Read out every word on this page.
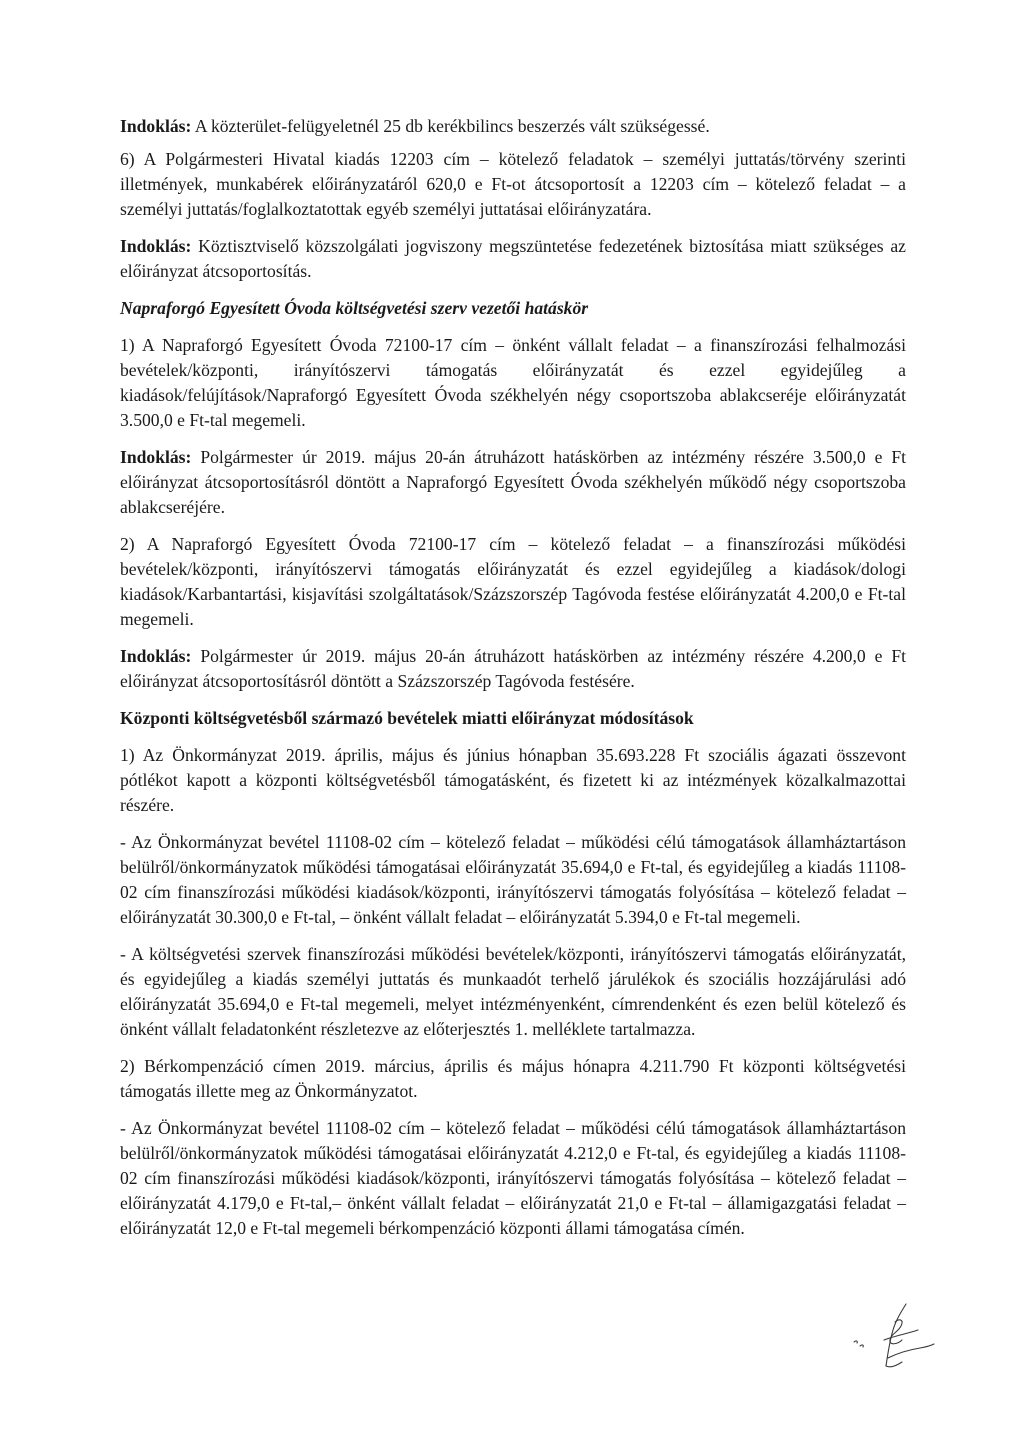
Indoklás: A közterület-felügyeletnél 25 db kerékbilincs beszerzés vált szükségessé.

6) A Polgármesteri Hivatal kiadás 12203 cím – kötelező feladatok – személyi juttatás/törvény szerinti illetmények, munkabérek előirányzatáról 620,0 e Ft-ot átcsoportosít a 12203 cím – kötelező feladat – a személyi juttatás/foglalkoztatottak egyéb személyi juttatásai előirányzatára.

Indoklás: Köztisztviselő közszolgálati jogviszony megszüntetése fedezetének biztosítása miatt szükséges az előirányzat átcsoportosítás.

Napraforgó Egyesített Óvoda költségvetési szerv vezetői hatáskör

1) A Napraforgó Egyesített Óvoda 72100-17 cím – önként vállalt feladat – a finanszírozási felhalmozási bevételek/központi, irányítószervi támogatás előirányzatát és ezzel egyidejűleg a kiadások/felújítások/Napraforgó Egyesített Óvoda székhelyén négy csoportszoba ablakcseréje előirányzatát 3.500,0 e Ft-tal megemeli.

Indoklás: Polgármester úr 2019. május 20-án átruházott hatáskörben az intézmény részére 3.500,0 e Ft előirányzat átcsoportosításról döntött a Napraforgó Egyesített Óvoda székhelyén működő négy csoportszoba ablakcseréjére.

2) A Napraforgó Egyesített Óvoda 72100-17 cím – kötelező feladat – a finanszírozási működési bevételek/központi, irányítószervi támogatás előirányzatát és ezzel egyidejűleg a kiadások/dologi kiadások/Karbantartási, kisjavítási szolgáltatások/Százszorszép Tagóvoda festése előirányzatát 4.200,0 e Ft-tal megemeli.

Indoklás: Polgármester úr 2019. május 20-án átruházott hatáskörben az intézmény részére 4.200,0 e Ft előirányzat átcsoportosításról döntött a Százszorszép Tagóvoda festésére.

Központi költségvetésből származó bevételek miatti előirányzat módosítások

1) Az Önkormányzat 2019. április, május és június hónapban 35.693.228 Ft szociális ágazati összevont pótlékot kapott a központi költségvetésből támogatásként, és fizetett ki az intézmények közalkalmazottai részére.

- Az Önkormányzat bevétel 11108-02 cím – kötelező feladat – működési célú támogatások államháztartáson belülről/önkormányzatok működési támogatásai előirányzatát 35.694,0 e Ft-tal, és egyidejűleg a kiadás 11108-02 cím finanszírozási működési kiadások/központi, irányítószervi támogatás folyósítása – kötelező feladat – előirányzatát 30.300,0 e Ft-tal, – önként vállalt feladat – előirányzatát 5.394,0 e Ft-tal megemeli.

- A költségvetési szervek finanszírozási működési bevételek/központi, irányítószervi támogatás előirányzatát, és egyidejűleg a kiadás személyi juttatás és munkaadót terhelő járulékok és szociális hozzájárulási adó előirányzatát 35.694,0 e Ft-tal megemeli, melyet intézményenként, címrendenként és ezen belül kötelező és önként vállalt feladatonként részletezve az előterjesztés 1. melléklete tartalmazza.

2) Bérkompenzáció címen 2019. március, április és május hónapra 4.211.790 Ft központi költségvetési támogatás illette meg az Önkormányzatot.

- Az Önkormányzat bevétel 11108-02 cím – kötelező feladat – működési célú támogatások államháztartáson belülről/önkormányzatok működési támogatásai előirányzatát 4.212,0 e Ft-tal, és egyidejűleg a kiadás 11108-02 cím finanszírozási működési kiadások/központi, irányítószervi támogatás folyósítása – kötelező feladat – előirányzatát 4.179,0 e Ft-tal,– önként vállalt feladat – előirányzatát 21,0 e Ft-tal – államigazgatási feladat – előirányzatát 12,0 e Ft-tal megemeli bérkompenzáció központi állami támogatása címén.
